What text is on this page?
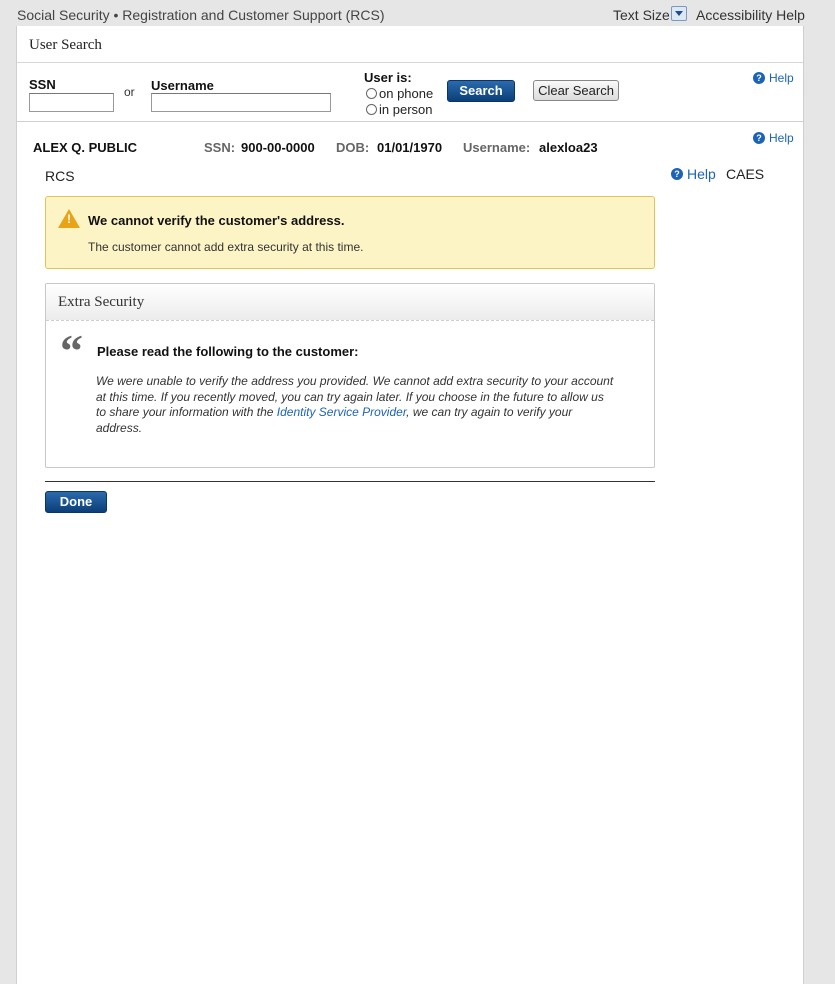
Social Security • Registration and Customer Support (RCS)	Text Size Accessibility Help
User Search
SSN	or Username
User is:
on phone
in person
Search	Clear Search
? Help
? Help
ALEX Q. PUBLIC	SSN: 900-00-0000 DOB: 01/01/1970 Username: alexloa23
RCS	? Help CAES
! We cannot verify the customer's address.
The customer cannot add extra security at this time.
Extra Security
“ Please read the following to the customer:
We were unable to verify the address you provided. We cannot add extra security to your account at this time. If you recently moved, you can try again later. If you choose in the future to allow us to share your information with the Identity Service Provider, we can try again to verify your address.
Done
